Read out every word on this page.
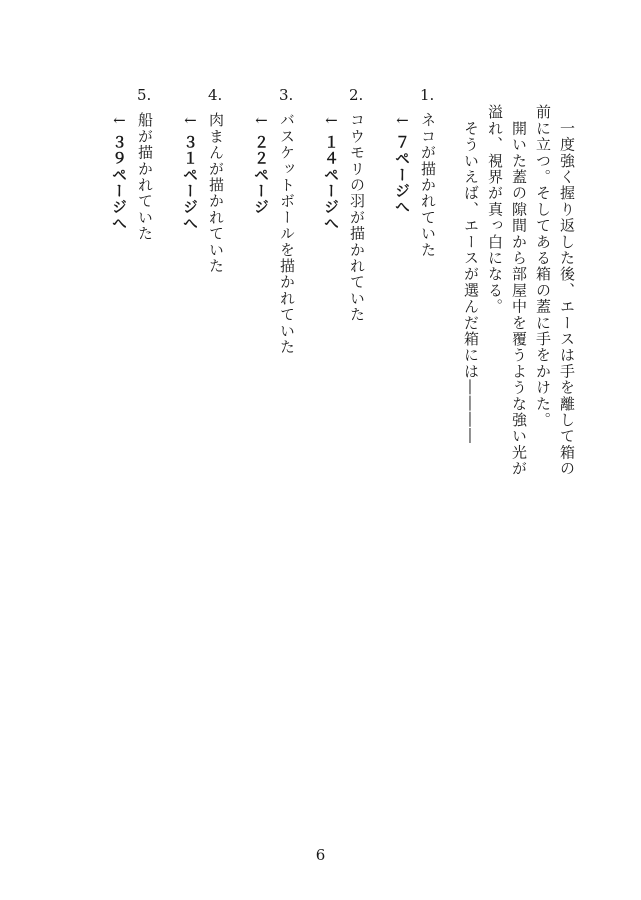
　一度強く握り返した後、エースは手を離して箱の
前に立つ。そしてある箱の蓋に手をかけた。
　開いた蓋の隙間から部屋中を覆うような強い光が
溢れ、視界が真っ白になる。
　そういえば、エースが選んだ箱には――――
1.
ネコが描かれていた
↓ ７ページへ
2.
コウモリの羽が描かれていた
↓ １４ページへ
3.
バスケットボールを描かれていた
↓ ２２ページ
4.
肉まんが描かれていた
↓ ３１ページへ
5.
船が描かれていた
↓ ３９ページへ
6
